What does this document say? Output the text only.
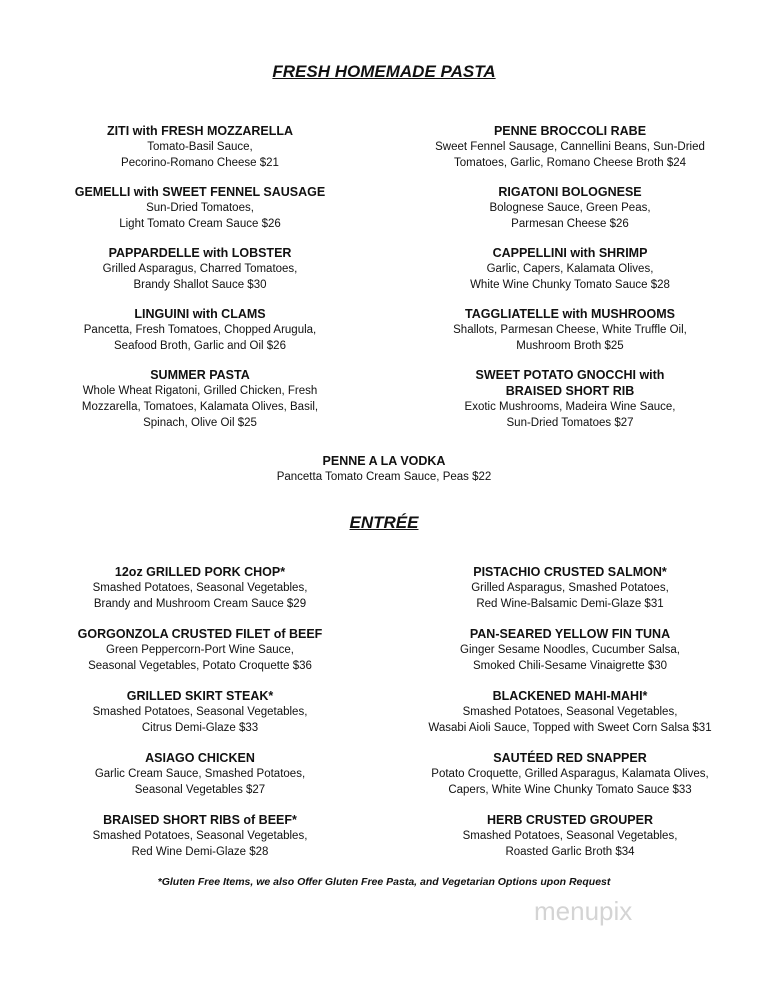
FRESH HOMEMADE PASTA
ZITI with FRESH MOZZARELLA
Tomato-Basil Sauce,
Pecorino-Romano Cheese $21
GEMELLI with SWEET FENNEL SAUSAGE
Sun-Dried Tomatoes,
Light Tomato Cream Sauce $26
PAPPARDELLE with LOBSTER
Grilled Asparagus, Charred Tomatoes,
Brandy Shallot Sauce $30
LINGUINI with CLAMS
Pancetta, Fresh Tomatoes, Chopped Arugula,
Seafood Broth, Garlic and Oil $26
SUMMER PASTA
Whole Wheat Rigatoni, Grilled Chicken, Fresh
Mozzarella, Tomatoes, Kalamata Olives, Basil,
Spinach, Olive Oil $25
PENNE BROCCOLI RABE
Sweet Fennel Sausage, Cannellini Beans, Sun-Dried
Tomatoes, Garlic, Romano Cheese Broth $24
RIGATONI BOLOGNESE
Bolognese Sauce, Green Peas,
Parmesan Cheese $26
CAPPELLINI with SHRIMP
Garlic, Capers, Kalamata Olives,
White Wine Chunky Tomato Sauce $28
TAGGLIATELLE with MUSHROOMS
Shallots, Parmesan Cheese, White Truffle Oil,
Mushroom Broth $25
SWEET POTATO GNOCCHI with
BRAISED SHORT RIB
Exotic Mushrooms, Madeira Wine Sauce,
Sun-Dried Tomatoes $27
PENNE A LA VODKA
Pancetta Tomato Cream Sauce, Peas $22
ENTRÉE
12oz GRILLED PORK CHOP*
Smashed Potatoes, Seasonal Vegetables,
Brandy and Mushroom Cream Sauce $29
GORGONZOLA CRUSTED FILET of BEEF
Green Peppercorn-Port Wine Sauce,
Seasonal Vegetables, Potato Croquette $36
GRILLED SKIRT STEAK*
Smashed Potatoes, Seasonal Vegetables,
Citrus Demi-Glaze $33
ASIAGO CHICKEN
Garlic Cream Sauce, Smashed Potatoes,
Seasonal Vegetables $27
BRAISED SHORT RIBS of BEEF*
Smashed Potatoes, Seasonal Vegetables,
Red Wine Demi-Glaze $28
PISTACHIO CRUSTED SALMON*
Grilled Asparagus, Smashed Potatoes,
Red Wine-Balsamic Demi-Glaze $31
PAN-SEARED YELLOW FIN TUNA
Ginger Sesame Noodles, Cucumber Salsa,
Smoked Chili-Sesame Vinaigrette $30
BLACKENED MAHI-MAHI*
Smashed Potatoes, Seasonal Vegetables,
Wasabi Aioli Sauce, Topped with Sweet Corn Salsa $31
SAUTÉED RED SNAPPER
Potato Croquette, Grilled Asparagus, Kalamata Olives,
Capers, White Wine Chunky Tomato Sauce $33
HERB CRUSTED GROUPER
Smashed Potatoes, Seasonal Vegetables,
Roasted Garlic Broth $34
*Gluten Free Items, we also Offer Gluten Free Pasta, and Vegetarian Options upon Request
menupix
